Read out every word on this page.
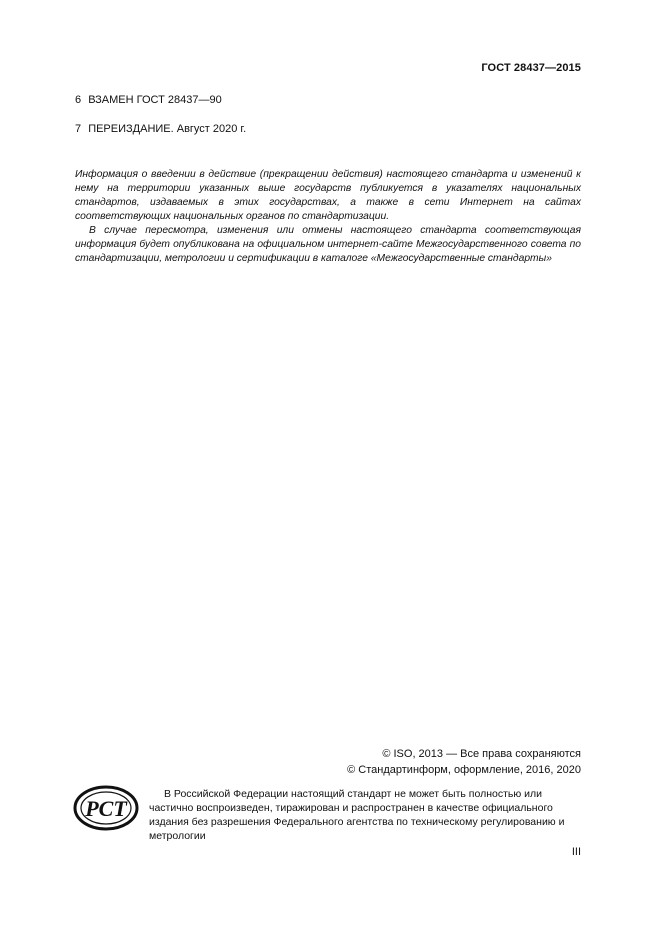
ГОСТ 28437—2015
6 ВЗАМЕН ГОСТ 28437—90
7 ПЕРЕИЗДАНИЕ. Август 2020 г.

Информация о введении в действие (прекращении действия) настоящего стандарта и изменений к нему на территории указанных выше государств публикуется в указателях национальных стандартов, издаваемых в этих государствах, а также в сети Интернет на сайтах соответствующих национальных органов по стандартизации.

В случае пересмотра, изменения или отмены настоящего стандарта соответствующая информация будет опубликована на официальном интернет-сайте Межгосударственного совета по стандартизации, метрологии и сертификации в каталоге «Межгосударственные стандарты»

© ISO, 2013 — Все права сохраняются
© Стандартинформ, оформление, 2016, 2020
РСТ

В Российской Федерации настоящий стандарт не может быть полностью или частично воспроизведен, тиражирован и распространен в качестве официального издания без разрешения Федерального агентства по техническому регулированию и метрологии

III
